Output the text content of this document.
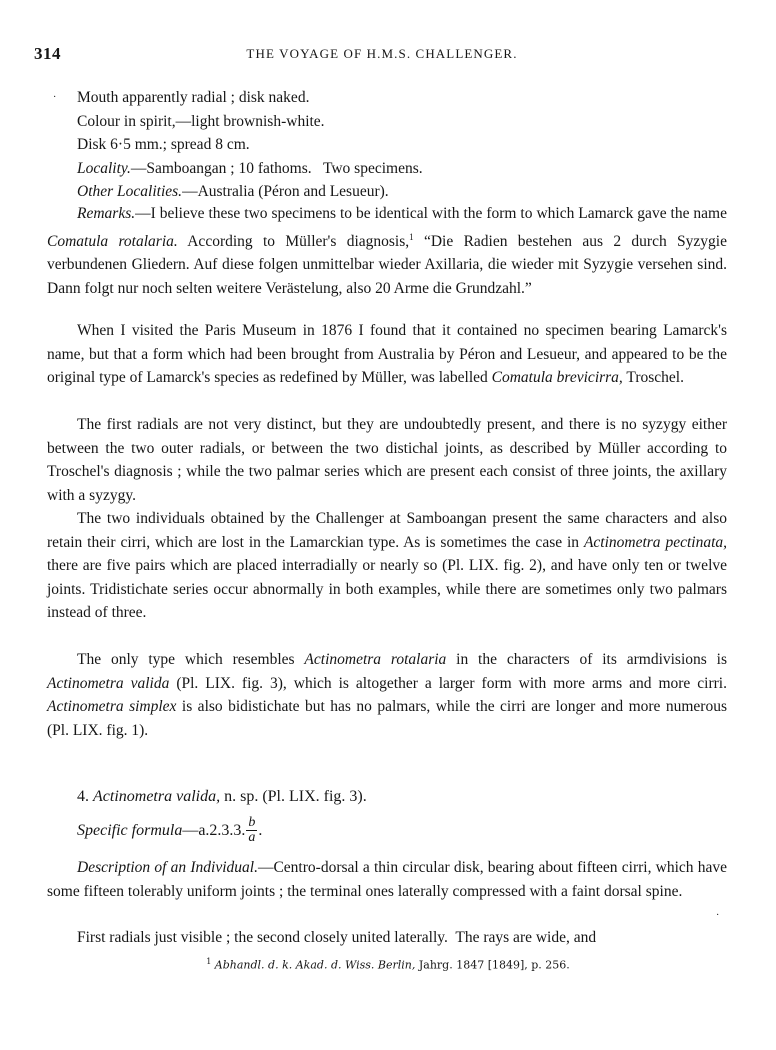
314	THE VOYAGE OF H.M.S. CHALLENGER.
· Mouth apparently radial ; disk naked.
Colour in spirit,—light brownish-white.
Disk 6·5 mm.; spread 8 cm.
Locality.—Samboangan ; 10 fathoms.   Two specimens.
Other Localities.—Australia (Péron and Lesueur).

Remarks.—I believe these two specimens to be identical with the form to which Lamarck gave the name Comatula rotalaria. According to Müller's diagnosis,$^1$ “Die Radien bestehen aus 2 durch Syzygie verbundenen Gliedern. Auf diese folgen unmittelbar wieder Axillaria, die wieder mit Syzygie versehen sind. Dann folgt nur noch selten weitere Verästelung, also 20 Arme die Grundzahl.”

When I visited the Paris Museum in 1876 I found that it contained no specimen bearing Lamarck's name, but that a form which had been brought from Australia by Péron and Lesueur, and appeared to be the original type of Lamarck's species as redefined by Müller, was labelled Comatula brevicirra, Troschel.

The first radials are not very distinct, but they are undoubtedly present, and there is no syzygy either between the two outer radials, or between the two distichal joints, as described by Müller according to Troschel's diagnosis ; while the two palmar series which are present each consist of three joints, the axillary with a syzygy.

The two individuals obtained by the Challenger at Samboangan present the same characters and also retain their cirri, which are lost in the Lamarckian type. As is sometimes the case in Actinometra pectinata, there are five pairs which are placed interradially or nearly so (Pl. LIX. fig. 2), and have only ten or twelve joints. Tridistichate series occur abnormally in both examples, while there are sometimes only two palmars instead of three.

The only type which resembles Actinometra rotalaria in the characters of its armdivisions is Actinometra valida (Pl. LIX. fig. 3), which is altogether a larger form with more arms and more cirri. Actinometra simplex is also bidistichate but has no palmars, while the cirri are longer and more numerous (Pl. LIX. fig. 1).

4. Actinometra valida, n. sp. (Pl. LIX. fig. 3).
Specific formula —a.2.3.3. $\frac{b}{a}$ .

Description of an Individual.—Centro-dorsal a thin circular disk, bearing about fifteen cirri, which have some fifteen tolerably uniform joints ; the terminal ones laterally compressed with a faint dorsal spine.

First radials just visible ; the second closely united laterally.  The rays are wide, and

·
$^1$ Abhandl. d. k. Akad. d. Wiss. Berlin, Jahrg. 1847 [1849], p. 256.
